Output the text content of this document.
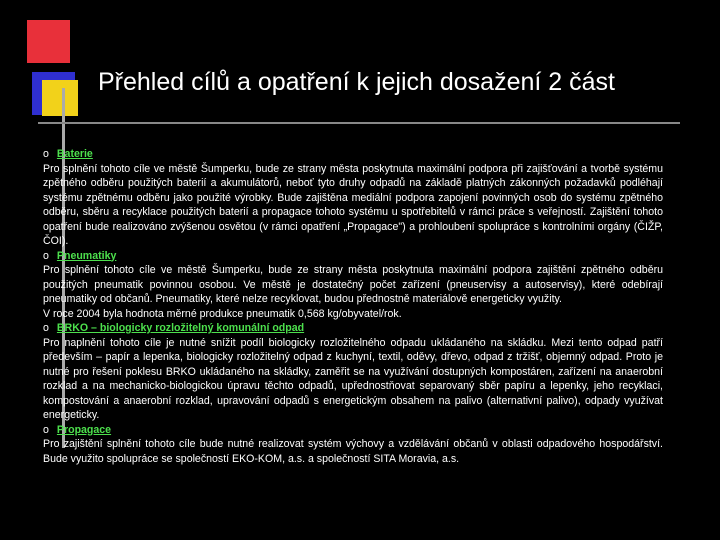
Přehled cílů a opatření k jejich dosažení 2 část
o Baterie
Pro splnění tohoto cíle ve městě Šumperku, bude ze strany města poskytnuta maximální podpora při zajišťování a tvorbě systému zpětného odběru použitých baterií a akumulátorů, neboť tyto druhy odpadů na základě platných zákonných požadavků podléhají systému zpětnému odběru jako použité výrobky. Bude zajištěna mediální podpora zapojení povinných osob do systému zpětného odběru, sběru a recyklace použitých baterií a propagace tohoto systému u spotřebitelů v rámci práce s veřejností. Zajištění tohoto opatření bude realizováno zvýšenou osvětou (v rámci opatření „Propagace") a prohloubení spolupráce s kontrolními orgány (ČIŽP, ČOI).
o Pneumatiky
Pro splnění tohoto cíle ve městě Šumperku, bude ze strany města poskytnuta maximální podpora zajištění zpětného odběru použitých pneumatik povinnou osobou. Ve městě je dostatečný počet zařízení (pneuservisy a autoservisy), které odebírají pneumatiky od občanů. Pneumatiky, které nelze recyklovat, budou přednostně materiálově energeticky využity.
V roce 2004 byla hodnota měrné produkce pneumatik 0,568 kg/obyvatel/rok.
o BRKO – biologicky rozložitelný komunální odpad
Pro naplnění tohoto cíle je nutné snížit podíl biologicky rozložitelného odpadu ukládaného na skládku. Mezi tento odpad patří především – papír a lepenka, biologicky rozložitelný odpad z kuchyní, textil, oděvy, dřevo, odpad z tržišť, objemný odpad. Proto je nutné pro řešení poklesu BRKO ukládaného na skládky, zaměřit se na využívání dostupných kompostáren, zařízení na anaerobní rozklad a na mechanicko-biologickou úpravu těchto odpadů, upřednostňovat separovaný sběr papíru a lepenky, jeho recyklaci, kompostování a anaerobní rozklad, upravování odpadů s energetickým obsahem na palivo (alternativní palivo), odpady využívat energeticky.
o Propagace
Pro zajištění splnění tohoto cíle bude nutné realizovat systém výchovy a vzdělávání občanů v oblasti odpadového hospodářství. Bude využito spolupráce se společností EKO-KOM, a.s. a společností SITA Moravia, a.s.
